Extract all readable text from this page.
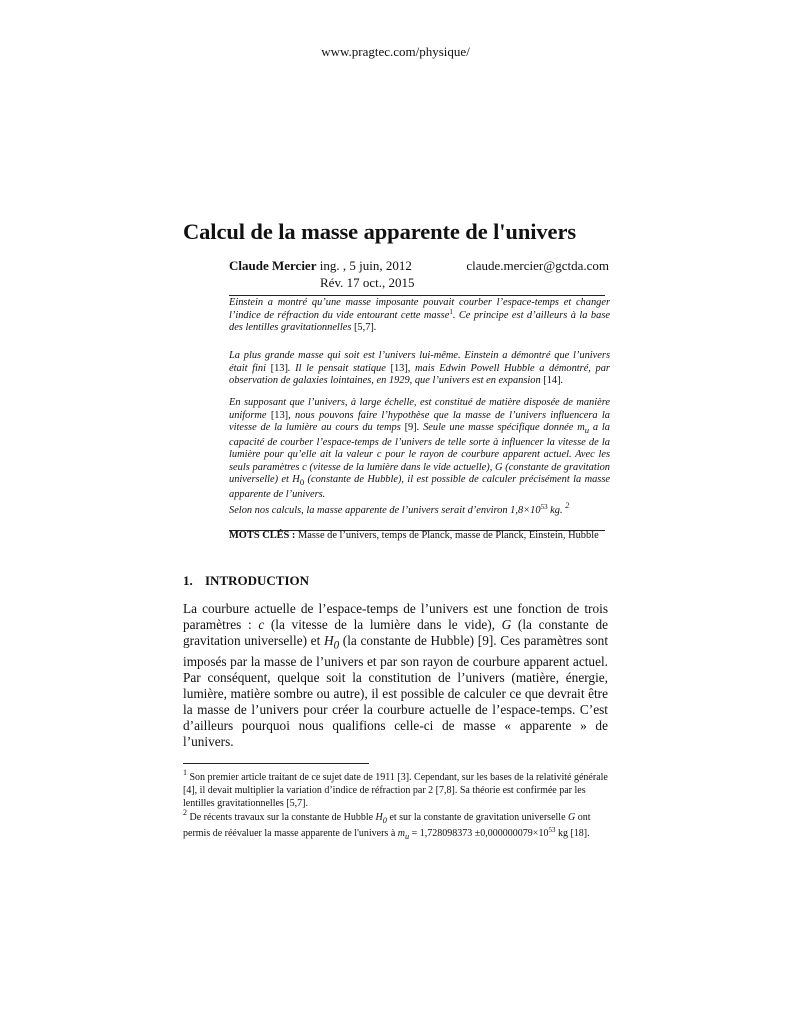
www.pragtec.com/physique/
Calcul de la masse apparente de l'univers
Claude Mercier ing. , 5 juin, 2012	claude.mercier@gctda.com
Rév. 17 oct., 2015
Einstein a montré qu’une masse imposante pouvait courber l’espace-temps et changer l’indice de réfraction du vide entourant cette masse$^1$. Ce principe est d’ailleurs à la base des lentilles gravitationnelles [5,7].
La plus grande masse qui soit est l’univers lui-même. Einstein a démontré que l’univers était fini [13]. Il le pensait statique [13], mais Edwin Powell Hubble a démontré, par observation de galaxies lointaines, en 1929, que l’univers est en expansion [14].
En supposant que l’univers, à large échelle, est constitué de matière disposée de manière uniforme [13], nous pouvons faire l’hypothèse que la masse de l’univers influencera la vitesse de la lumière au cours du temps [9]. Seule une masse spécifique donnée $m_u$ a la capacité de courber l’espace-temps de l’univers de telle sorte à influencer la vitesse de la lumière pour qu’elle ait la valeur c pour le rayon de courbure apparent actuel. Avec les seuls paramètres c (vitesse de la lumière dans le vide actuelle), G (constante de gravitation universelle) et $H_0$ (constante de Hubble), il est possible de calculer précisément la masse apparente de l’univers.
Selon nos calculs, la masse apparente de l’univers serait d’environ $1,8\times 10^{53}$ kg. $^2$
MOTS CLÉS : Masse de l’univers, temps de Planck, masse de Planck, Einstein, Hubble
1. INTRODUCTION
La courbure actuelle de l’espace-temps de l’univers est une fonction de trois paramètres : c (la vitesse de la lumière dans le vide), G (la constante de gravitation universelle) et $H_0$ (la constante de Hubble) [9]. Ces paramètres sont imposés par la masse de l’univers et par son rayon de courbure apparent actuel. Par conséquent, quelque soit la constitution de l’univers (matière, énergie, lumière, matière sombre ou autre), il est possible de calculer ce que devrait être la masse de l’univers pour créer la courbure actuelle de l’espace-temps. C’est d’ailleurs pourquoi nous qualifions celle-ci de masse « apparente » de l’univers.
$^1$ Son premier article traitant de ce sujet date de 1911 [3]. Cependant, sur les bases de la relativité générale [4], il devait multiplier la variation d’indice de réfraction par 2 [7,8]. Sa théorie est confirmée par les lentilles gravitationnelles [5,7].
$^2$ De récents travaux sur la constante de Hubble $H_0$ et sur la constante de gravitation universelle G ont permis de réévaluer la masse apparente de l'univers à $m_u = 1,728098373 \pm 0,000000079\times 10^{53}$ kg [18].
